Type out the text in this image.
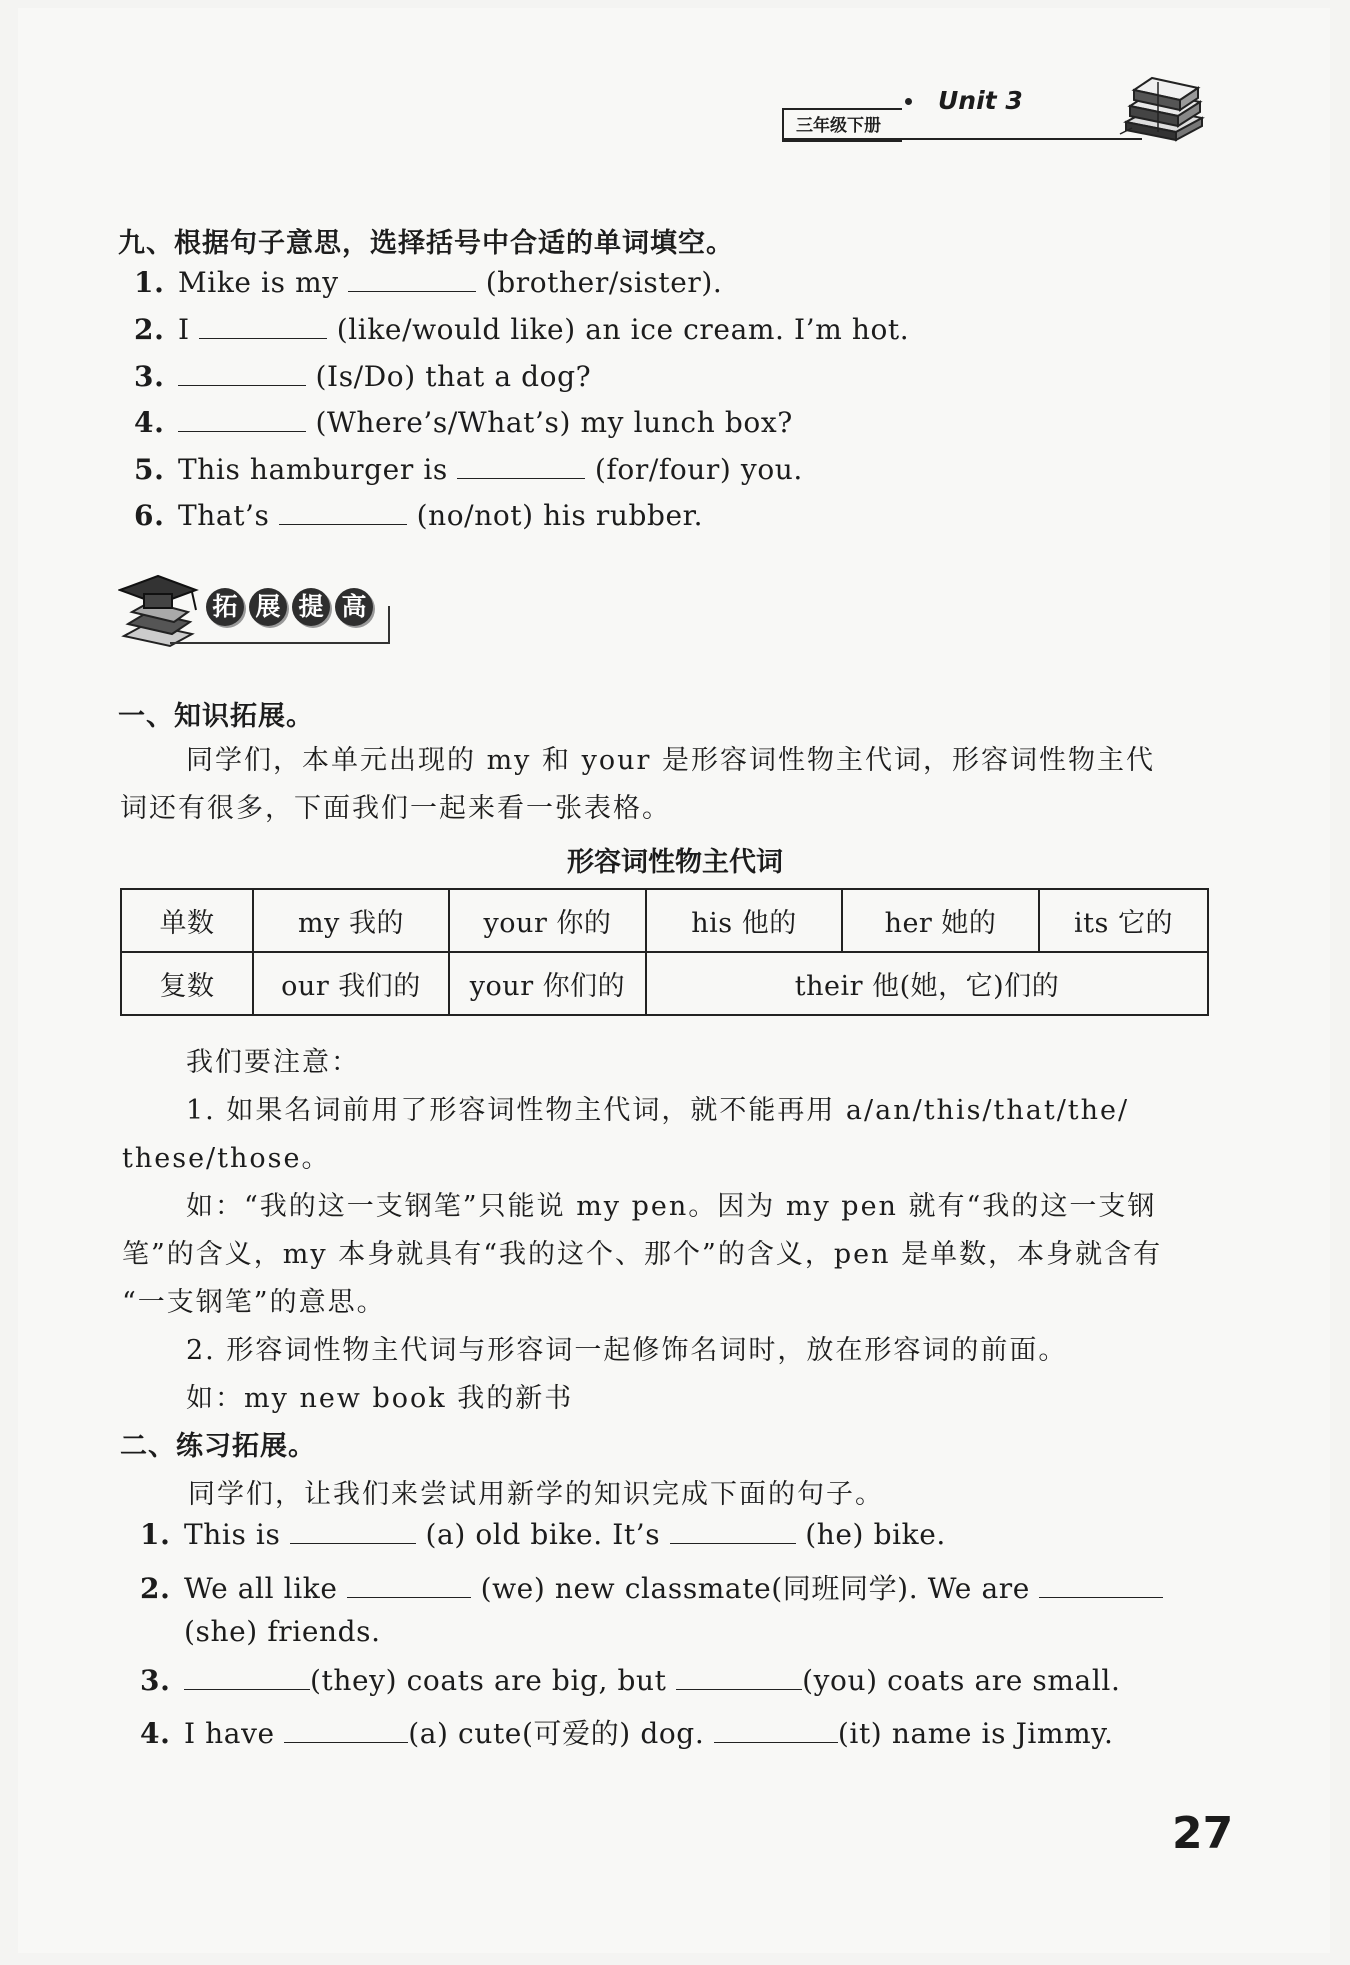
Unit 3
三年级下册
九、根据句子意思，选择括号中合适的单词填空。
1. Mike is my	(brother/sister).
2. I	(like/would like) an ice cream. I’m hot.
3.	(Is/Do) that a dog?
4.	(Where’s/What’s) my lunch box?
5. This hamburger is	(for/four) you.
6. That’s	(no/not) his rubber.
拓 展 提 高
一、知识拓展。
同学们，本单元出现的 my 和 your 是形容词性物主代词，形容词性物主代
词还有很多，下面我们一起来看一张表格。
形容词性物主代词
单数	my 我的	your 你的	his 他的	her 她的	its 它的
复数	our 我们的	your 你们的	their 他(她，它)们的		
我们要注意：
1. 如果名词前用了形容词性物主代词，就不能再用 a/an/this/that/the/
these/those。
如：“我的这一支钢笔”只能说 my pen。因为 my pen 就有“我的这一支钢
笔”的含义，my 本身就具有“我的这个、那个”的含义，pen 是单数，本身就含有
“一支钢笔”的意思。
2. 形容词性物主代词与形容词一起修饰名词时，放在形容词的前面。
如：my new book 我的新书
二、练习拓展。
同学们，让我们来尝试用新学的知识完成下面的句子。
1. This is	(a) old bike. It’s	(he) bike.
2. We all like	(we) new classmate(同班同学). We are
(she) friends.
3.	(they) coats are big, but	(you) coats are small.
4. I have	(a) cute(可爱的) dog.	(it) name is Jimmy.
27
